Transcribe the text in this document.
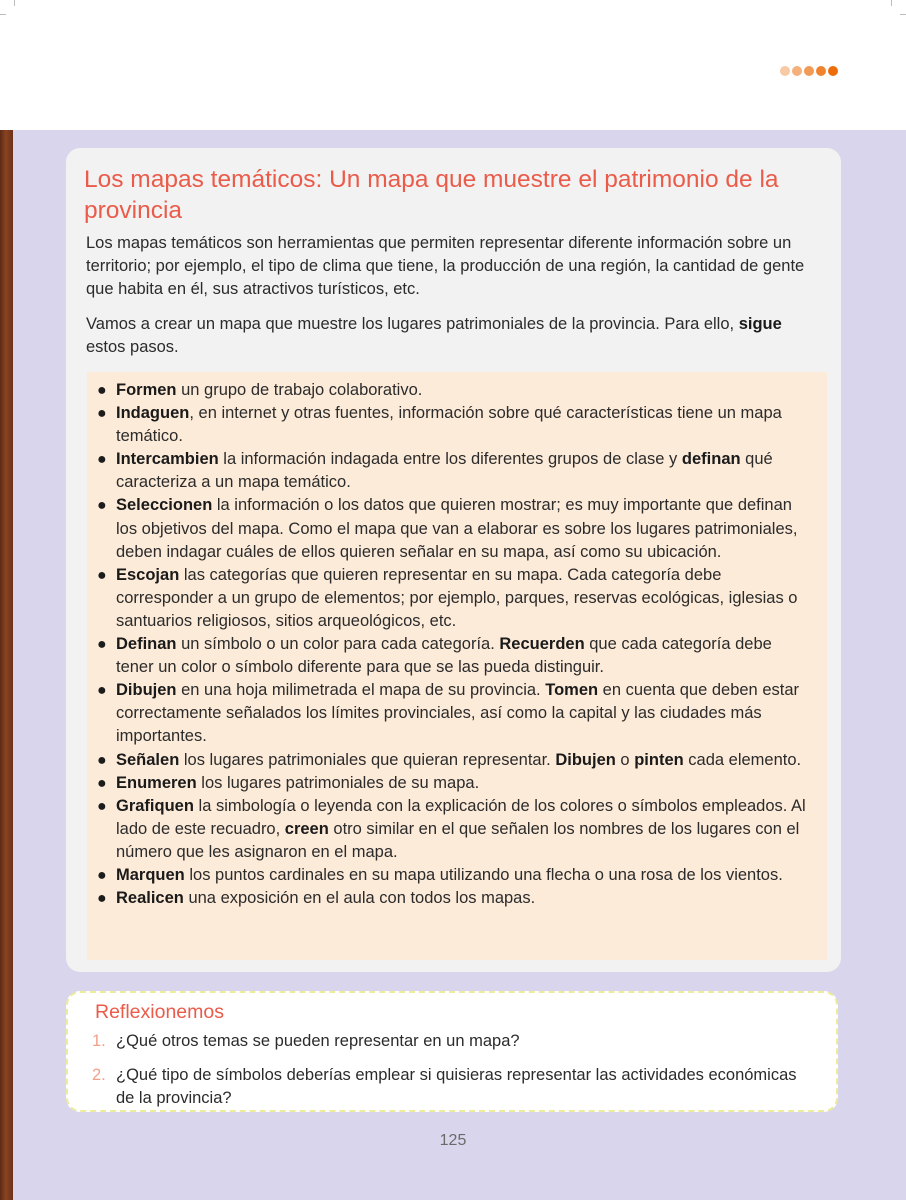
Los mapas temáticos: Un mapa que muestre el patrimonio de la provincia

Los mapas temáticos son herramientas que permiten representar diferente información sobre un territorio; por ejemplo, el tipo de clima que tiene, la producción de una región, la cantidad de gente que habita en él, sus atractivos turísticos, etc.

Vamos a crear un mapa que muestre los lugares patrimoniales de la provincia. Para ello, sigue estos pasos.

● Formen un grupo de trabajo colaborativo.
● Indaguen, en internet y otras fuentes, información sobre qué características tiene un mapa temático.
● Intercambien la información indagada entre los diferentes grupos de clase y definan qué caracteriza a un mapa temático.
● Seleccionen la información o los datos que quieren mostrar; es muy importante que definan los objetivos del mapa. Como el mapa que van a elaborar es sobre los lugares patrimoniales, deben indagar cuáles de ellos quieren señalar en su mapa, así como su ubicación.
● Escojan las categorías que quieren representar en su mapa. Cada categoría debe corresponder a un grupo de elementos; por ejemplo, parques, reservas ecológicas, iglesias o santuarios religiosos, sitios arqueológicos, etc.
● Definan un símbolo o un color para cada categoría. Recuerden que cada categoría debe tener un color o símbolo diferente para que se las pueda distinguir.
● Dibujen en una hoja milimetrada el mapa de su provincia. Tomen en cuenta que deben estar correctamente señalados los límites provinciales, así como la capital y las ciudades más importantes.
● Señalen los lugares patrimoniales que quieran representar. Dibujen o pinten cada elemento.
● Enumeren los lugares patrimoniales de su mapa.
● Grafiquen la simbología o leyenda con la explicación de los colores o símbolos empleados. Al lado de este recuadro, creen otro similar en el que señalen los nombres de los lugares con el número que les asignaron en el mapa.
● Marquen los puntos cardinales en su mapa utilizando una flecha o una rosa de los vientos.
● Realicen una exposición en el aula con todos los mapas.
Reflexionemos
1. ¿Qué otros temas se pueden representar en un mapa?
2. ¿Qué tipo de símbolos deberías emplear si quisieras representar las actividades económicas de la provincia?
125
